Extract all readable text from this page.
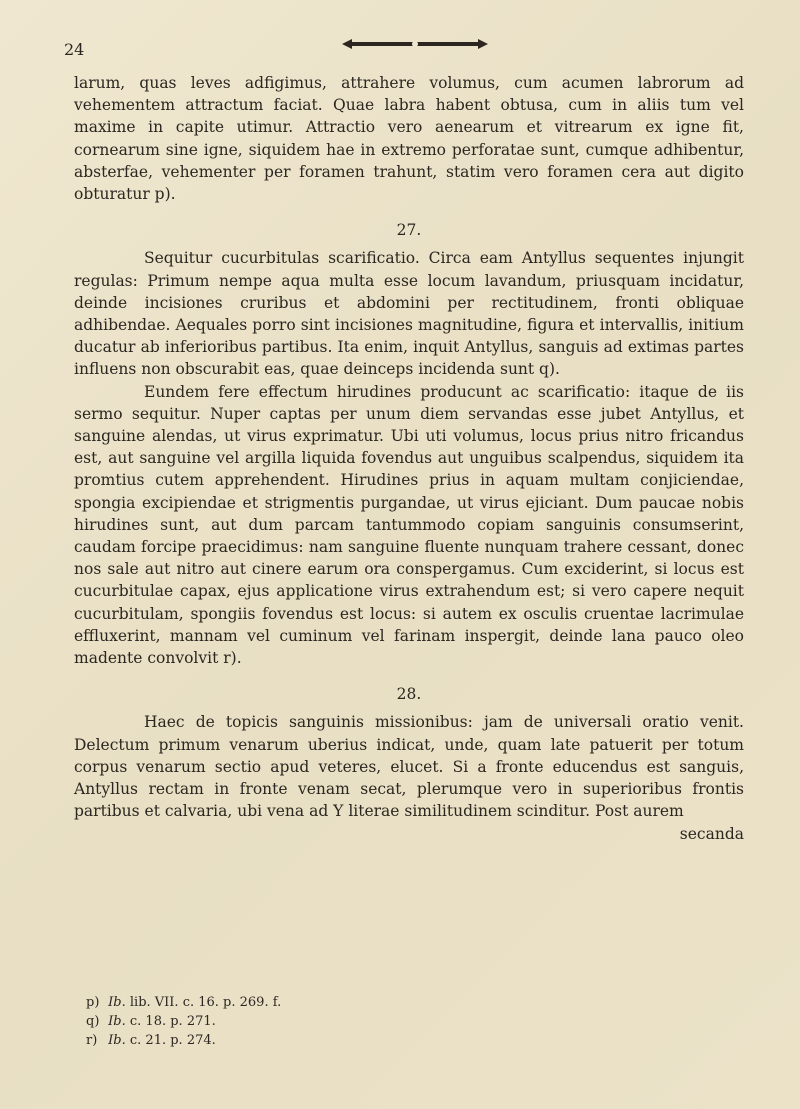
24

larum, quas leves adfigimus, attrahere volumus, cum acumen labrorum ad vehementem attractum faciat. Quae labra habent obtusa, cum in aliis tum vel maxime in capite utimur. Attractio vero aenearum et vitrearum ex igne fit, cornearum sine igne, siquidem hae in extremo perforatae sunt, cumque adhibentur, absterfae, vehementer per foramen trahunt, statim vero foramen cera aut digito obturatur p).

27.

Sequitur cucurbitulas scarificatio. Circa eam Antyllus sequentes injungit regulas: Primum nempe aqua multa esse locum lavandum, priusquam incidatur, deinde incisiones cruribus et abdomini per rectitudinem, fronti obliquae adhibendae. Aequales porro sint incisiones magnitudine, figura et intervallis, initium ducatur ab inferioribus partibus. Ita enim, inquit Antyllus, sanguis ad extimas partes influens non obscurabit eas, quae deinceps incidenda sunt q).

Eundem fere effectum hirudines producunt ac scarificatio: itaque de iis sermo sequitur. Nuper captas per unum diem servandas esse jubet Antyllus, et sanguine alendas, ut virus exprimatur. Ubi uti volumus, locus prius nitro fricandus est, aut sanguine vel argilla liquida fovendus aut unguibus scalpendus, siquidem ita promtius cutem apprehendent. Hirudines prius in aquam multam conjiciendae, spongia excipiendae et strigmentis purgandae, ut virus ejiciant. Dum paucae nobis hirudines sunt, aut dum parcam tantummodo copiam sanguinis consumserint, caudam forcipe praecidimus: nam sanguine fluente nunquam trahere cessant, donec nos sale aut nitro aut cinere earum ora conspergamus. Cum exciderint, si locus est cucurbitulae capax, ejus applicatione virus extrahendum est; si vero capere nequit cucurbitulam, spongiis fovendus est locus: si autem ex osculis cruentae lacrimulae effluxerint, mannam vel cuminum vel farinam inspergit, deinde lana pauco oleo madente convolvit r).

28.

Haec de topicis sanguinis missionibus: jam de universali oratio venit. Delectum primum venarum uberius indicat, unde, quam late patuerit per totum corpus venarum sectio apud veteres, elucet. Si a fronte educendus est sanguis, Antyllus rectam in fronte venam secat, plerumque vero in superioribus frontis partibus et calvaria, ubi vena ad Y literae similitudinem scinditur. Post aurem

secanda
p) Ib. lib. VII. c. 16. p. 269. f.
q) Ib. c. 18. p. 271.
r) Ib. c. 21. p. 274.
